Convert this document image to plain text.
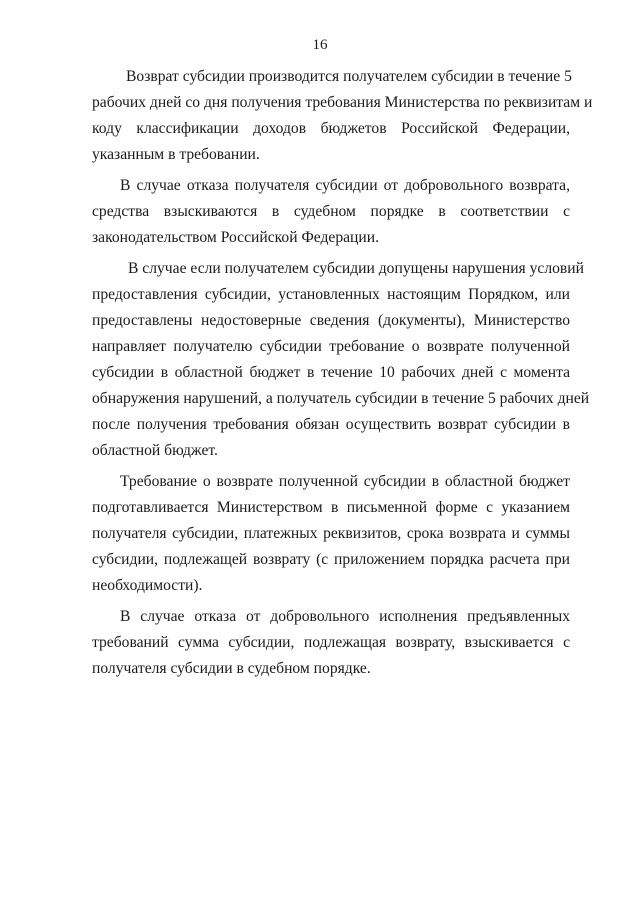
16
Возврат субсидии производится получателем субсидии в течение 5
рабочих дней со дня получения требования Министерства по реквизитам и
коду классификации доходов бюджетов Российской Федерации,
указанным в требовании.
В случае отказа получателя субсидии от добровольного возврата,
средства взыскиваются в судебном порядке в соответствии с
законодательством Российской Федерации.
В случае если получателем субсидии допущены нарушения условий
предоставления субсидии, установленных настоящим Порядком, или
предоставлены недостоверные сведения (документы), Министерство
направляет получателю субсидии требование о возврате полученной
субсидии в областной бюджет в течение 10 рабочих дней с момента
обнаружения нарушений, а получатель субсидии в течение 5 рабочих дней
после получения требования обязан осуществить возврат субсидии в
областной бюджет.
Требование о возврате полученной субсидии в областной бюджет
подготавливается Министерством в письменной форме с указанием
получателя субсидии, платежных реквизитов, срока возврата и суммы
субсидии, подлежащей возврату (с приложением порядка расчета при
необходимости).
В случае отказа от добровольного исполнения предъявленных
требований сумма субсидии, подлежащая возврату, взыскивается с
получателя субсидии в судебном порядке.
